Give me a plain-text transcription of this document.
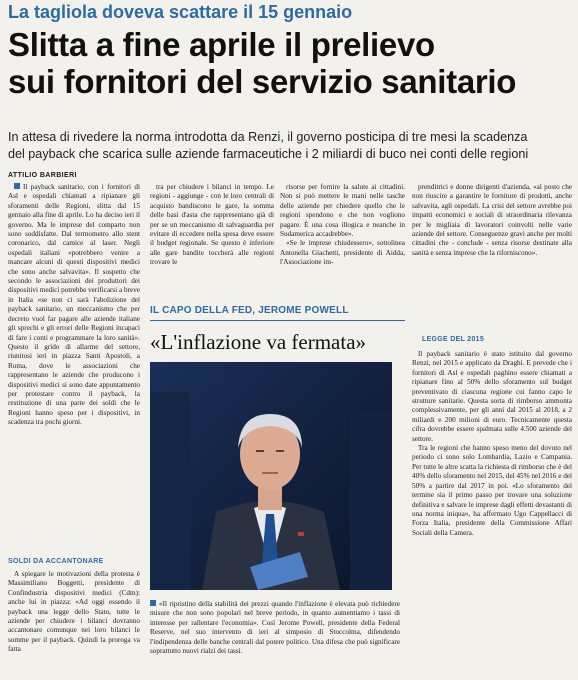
La tagliola doveva scattare il 15 gennaio
Slitta a fine aprile il prelievo
sui fornitori del servizio sanitario
In attesa di rivedere la norma introdotta da Renzi, il governo posticipa di tre mesi la scadenza
del payback che scarica sulle aziende farmaceutiche i 2 miliardi di buco nei conti delle regioni
ATTILIO BARBIERI

Il payback sanitario, con i fornitori di Asl e ospedali chiamati a ripianare gli sforamenti delle Regioni, slitta dal 15 gennaio alla fine di aprile. Lo ha deciso ieri il governo. Ma le imprese del comparto non sono soddisfatte. Dal termometro allo stent coronarico, dal camice al laser. Negli ospedali italiani «potrebbero venire a mancare alcuni di questi dispositivi medici che sono anche salvavita». Il sospetto che secondo le associazioni dei produttori dei dispositivi medici potrebbe verificarsi a breve in Italia «se non ci sarà l'abolizione del payback sanitario, un meccanismo che per decreto vuol far pagare alle aziende italiane gli sprechi e gli errori delle Regioni incapaci di fare i conti e programmare la loro sanità». Questo il grido di allarme del settore, riunitosi ieri in piazza Santi Apostoli, a Roma, dove le associazioni che rappresentano le aziende che producono i dispositivi medici si sono date appuntamento per protestare contro il payback, la restituzione di una parte dei soldi che le Regioni hanno speso per i dispositivi, in scadenza tra pochi giorni.

SOLDI DA ACCANTONARE

A spiegare le motivazioni della protesta è Massimiliano Boggetti, presidente di Confindustria dispositivi medici (Cdm): anche lui in piazza: «Ad oggi essendo il payback una legge dello Stato, tutte le aziende per chiudere i bilanci dovranno accantonare comunque nei loro bilanci le somme per il payback. Quindi la proroga va fatta

tra per chiudere i bilanci in tempo. Le regioni - aggiunge - con le loro centrali di acquisto bandiscono le gare, la somma delle basi d'asta che rappresentano già di per se un meccanismo di salvaguardia per evitare di eccedere nella spesa deve essere il budget regionale. Se questo è inferiore alle gare bandite toccherà alle regioni trovare le

risorse per fornire la salute ai cittadini. Non si può mettere le mani nelle tasche delle aziende per chiedere quello che le regioni spendono e che non vogliono pagare. È una cosa illogica e neanche in Sudamerica accadrebbe».

«Se le imprese chiudessero», sottolinea Antonella Giachetti, presidente di Aidda, l'Associazione im-

IL CAPO DELLA FED, JEROME POWELL
«L'inflazione va fermata»
«Il ripristino della stabilità dei prezzi quando l'inflazione è elevata può richiedere misure che non sono popolari nel breve periodo, in quanto aumentiamo i tassi di interesse per rallentare l'economia». Così Jerome Powell, presidente della Federal Reserve, nel suo intervento di ieri al simposio di Stoccolma, difendendo l'indipendenza delle banche centrali dal potere politico. Una difesa che può significare soprattutto nuovi rialzi dei tassi.

prenditrici e donne dirigenti d'azienda, «al posto che non riuscire a garantire le forniture di prodotti, anche salvavita, agli ospedali. La crisi del settore avrebbe poi impatti economici e sociali di straordinaria rilevanza per le migliaia di lavoratori coinvolti nelle varie aziende del settore. Conseguenze gravi anche per molti cittadini che - conclude - senza risorse destinate alla sanità e senza imprese che la riforniscono».

LEGGE DEL 2015

Il payback sanitario è stato istituito dal governo Renzi, nel 2015 e applicato da Draghi. E prevede che i fornitori di Asl e ospedali paghino essere chiamati a ripianare fino al 50% dello sforamento sul budget preventivato di ciascuna regione cui fanno capo le strutture sanitarie. Questa sorta di rimborso ammonta complessivamente, per gli anni dal 2015 al 2018, a 2 miliardi e 200 milioni di euro. Tecnicamente questa cifra dovrebbe essere spalmata sulle 4.500 aziende del settore.

Tra le regioni che hanno speso meno del dovuto nel periodo ci sono solo Lombardia, Lazio e Campania. Per tutte le altre scatta la richiesta di rimborso che è del 40% dello sforamento nel 2015, del 45% nel 2016 e del 50% a partire dal 2017 in poi. «Lo sforamento del termine sia il primo passo per trovare una soluzione definitiva e salvare le imprese dagli effetti devastanti di una norma iniqua», ha affermato Ugo Cappellacci di Forza Italia, presidente della Commissione Affari Sociali della Camera.
